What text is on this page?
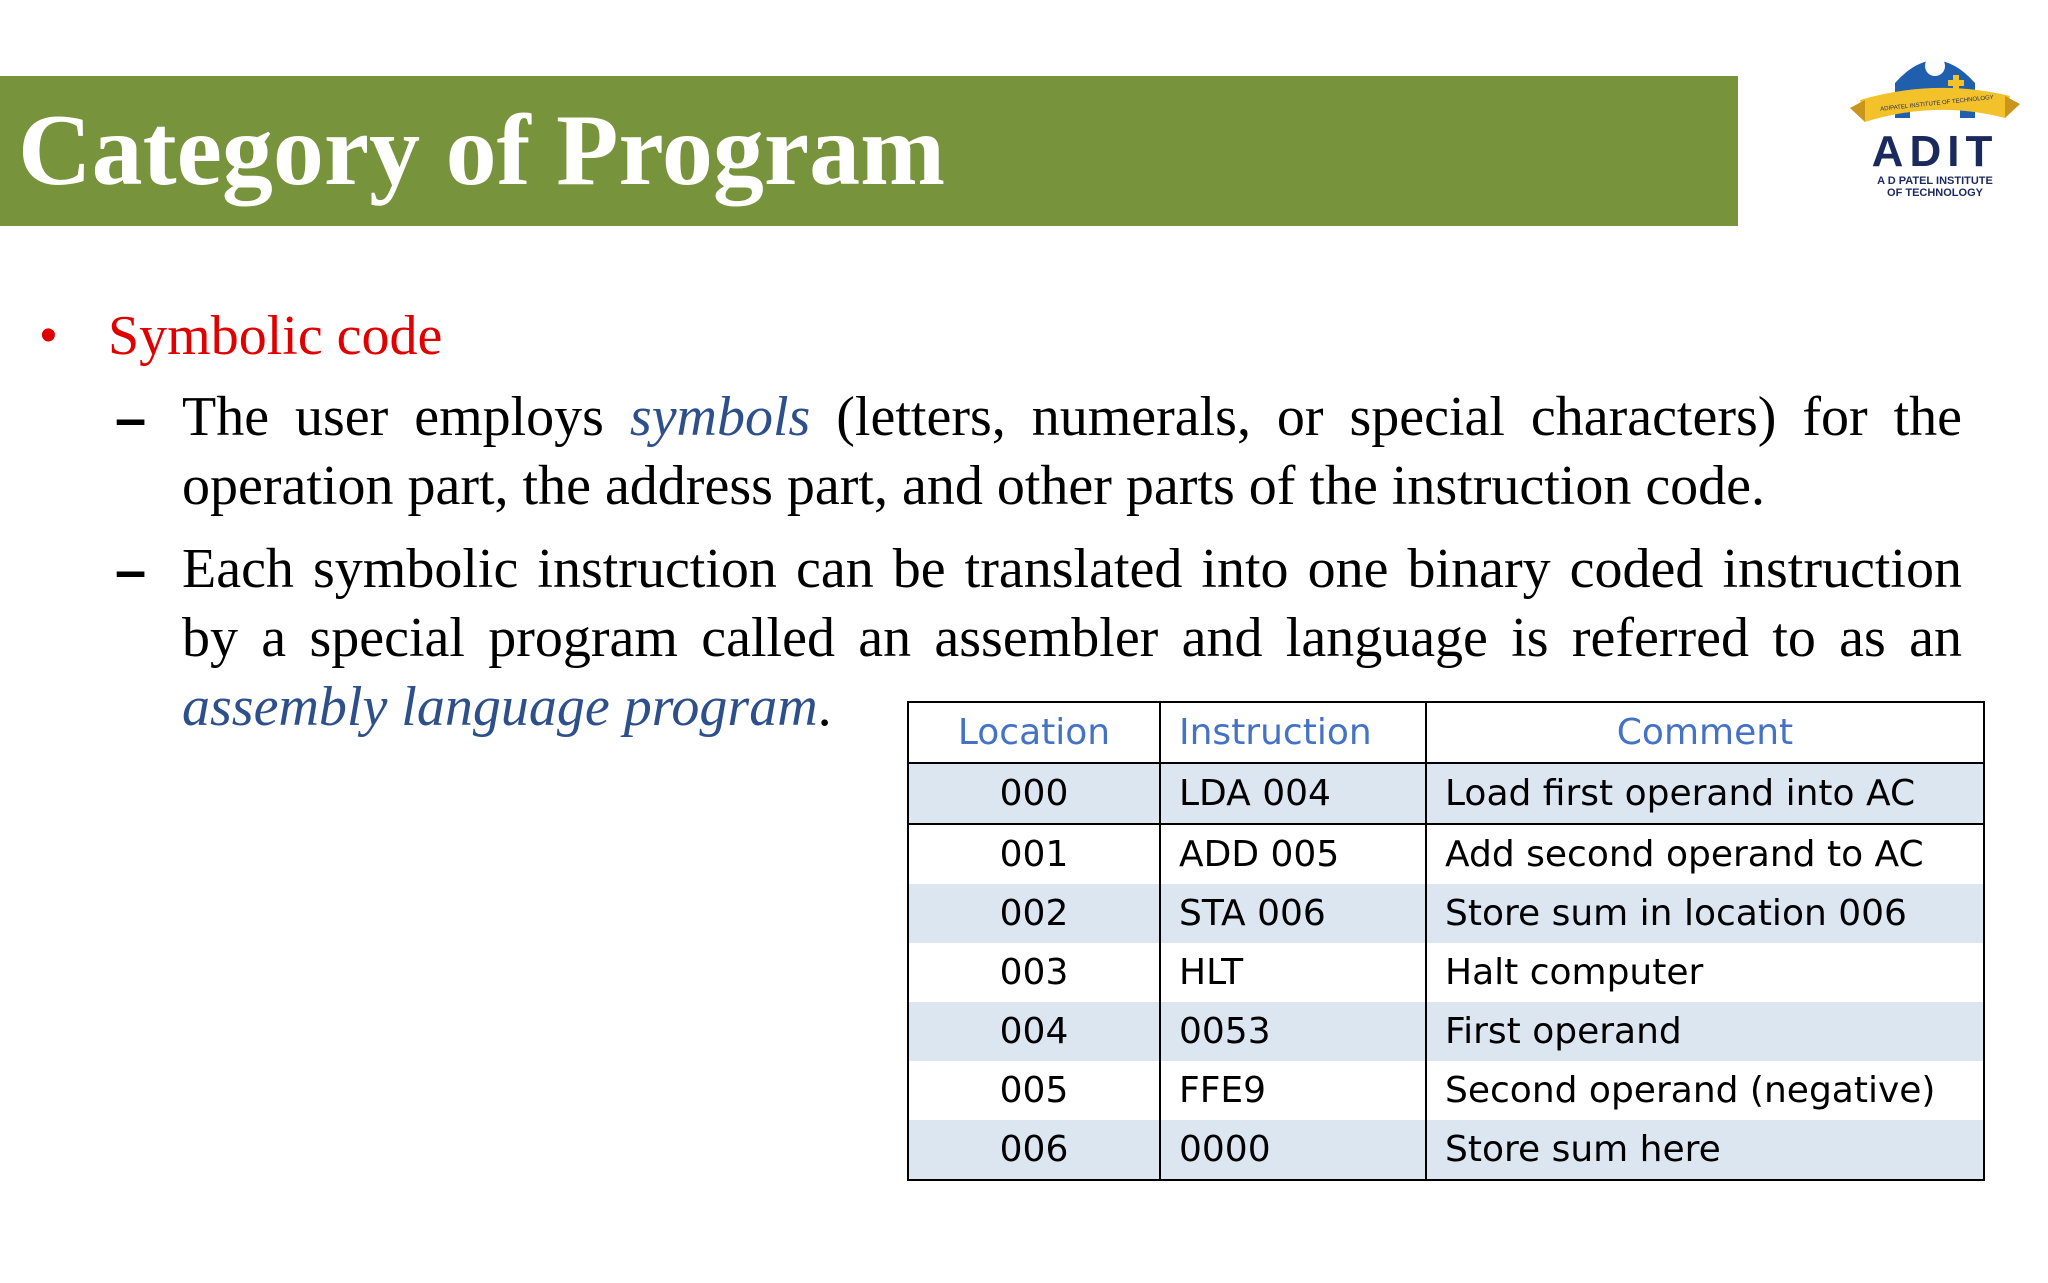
Category of Program	ADIPATEL INSTITUTE OF TECHNOLOGY
ADIT
A D PATEL INSTITUTE
OF TECHNOLOGY
• Symbolic code
– The user employs symbols (letters, numerals, or special characters) for the
operation part, the address part, and other parts of the instruction code.
– Each symbolic instruction can be translated into one binary coded instruction
by a special program called an assembler and language is referred to as an
assembly language program.	Location	Instruction	Comment
000	LDA 004	Load first operand into AC
001	ADD 005	Add second operand to AC
002	STA 006	Store sum in location 006
003	HLT	Halt computer
004	0053	First operand
005	FFE9	Second operand (negative)
006	0000	Store sum here
